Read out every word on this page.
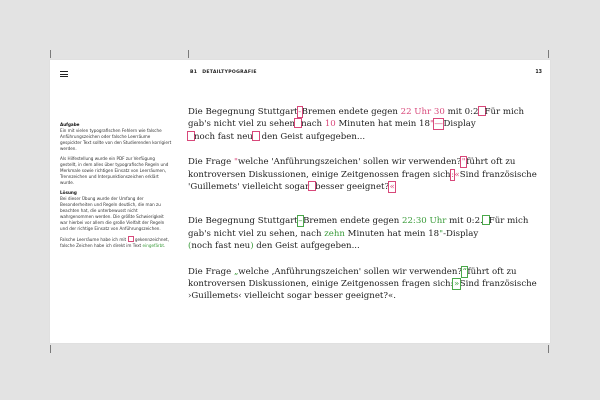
B1 DETAILTYPOGRAFIE	13
Aufgabe
Ein mit vielen typografischen Fehlern wie falsche Anführungszeichen oder falsche Leerräume gespickter Text sollte von den Studierenden korrigiert werden.

Als Hilfestellung wurde ein PDF zur Verfügung gestellt, in dem alles über typografische Regeln und Merkmale sowie richtigen Einsatz von Leerräumen, Trennzeichen und Interpunktionszeichen erklärt wurde.

Lösung
Bei dieser Übung wurde der Umfang der Besonderheiten und Regeln deutlich, die man zu beachten hat, die unterbewusst nicht wahrgenommen werden. Die größte Schwierigkeit war hierbei vor allem die große Vielfalt der Regeln und der richtige Einsatz von Anführungszeichen.

Falsche Leerräume habe ich mit gekennzeichnet, falsche Zeichen habe ich direkt im Text eingefärbt.

Die Begegnung Stuttgart-Bremen endete gegen 22 Uhr 30 mit 0:2 Für mich gab's nicht viel zu sehen nach 10 Minuten hat mein 18"—Display
noch fast neu den Geist aufgegeben...

Die Frage "welche 'Anführungszeichen' sollen wir verwenden?"führt oft zu kontroversen Diskussionen, einige Zeitgenossen fragen sich:«Sind französische 'Guillemets' vielleicht sogar besser geeignet?«

Die Begegnung Stuttgart–Bremen endete gegen 22:30 Uhr mit 0:2. Für mich gab's nicht viel zu sehen, nach zehn Minuten hat mein 18"-Display
(noch fast neu) den Geist aufgegeben...

Die Frage „welche ‚Anführungszeichen' sollen wir verwenden?“führt oft zu kontroversen Diskussionen, einige Zeitgenossen fragen sich:»Sind französische ›Guillemets‹ vielleicht sogar besser geeignet?«.
